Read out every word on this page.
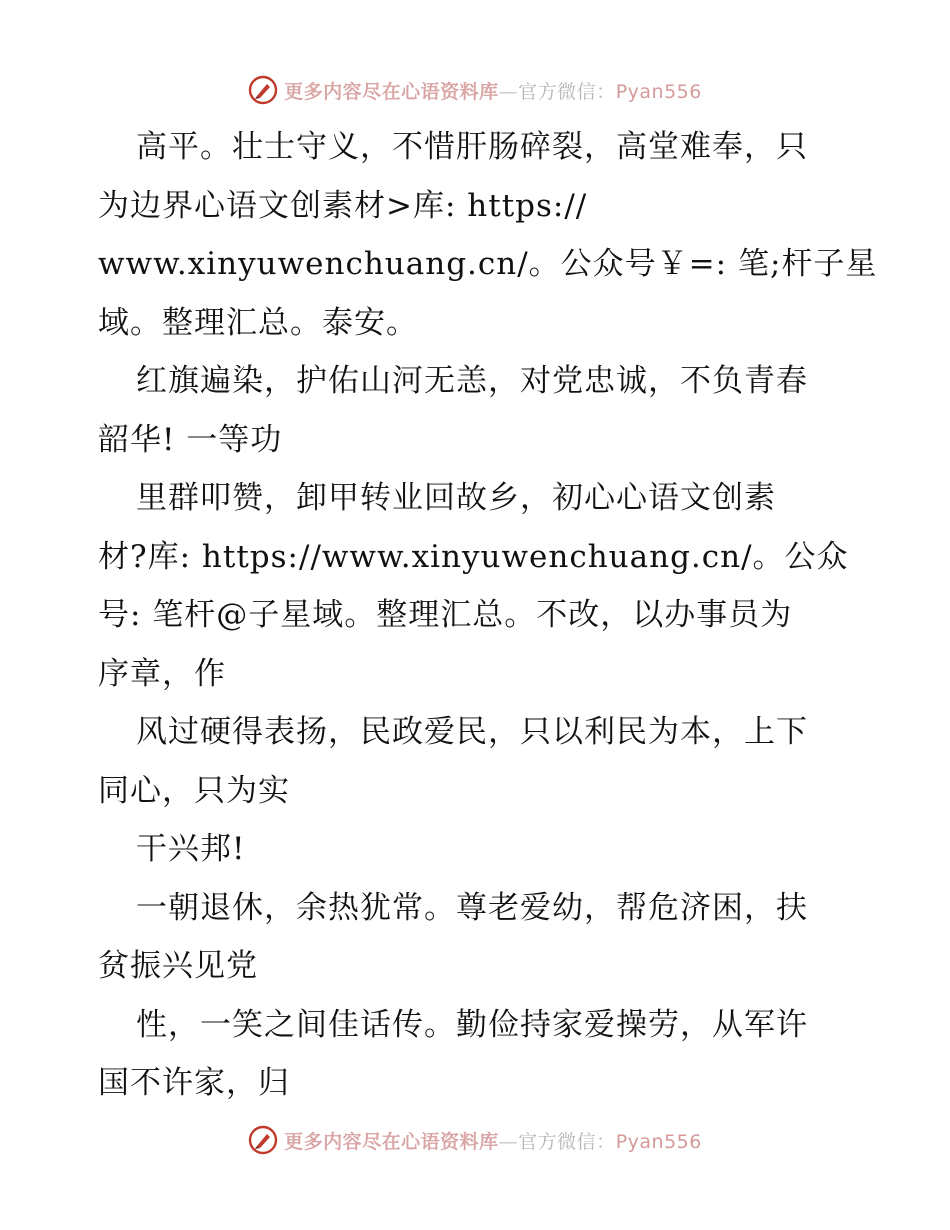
更多内容尽在心语资料库—官方微信：Pyan556
高平。壮士守义，不惜肝肠碎裂，高堂难奉，只
为边界心语文创素材>库: https://
www.xinyuwenchuang.cn/。公众号￥=: 笔;杆子星
域。整理汇总。泰安。
红旗遍染，护佑山河无恙，对党忠诚，不负青春
韶华! 一等功
里群叩赞，卸甲转业回故乡，初心心语文创素
材?库: https://www.xinyuwenchuang.cn/。公众
号: 笔杆@子星域。整理汇总。不改，以办事员为
序章，作
风过硬得表扬，民政爱民，只以利民为本，上下
同心，只为实
干兴邦!
一朝退休，余热犹常。尊老爱幼，帮危济困，扶
贫振兴见党
性，一笑之间佳话传。勤俭持家爱操劳，从军许
国不许家，归
更多内容尽在心语资料库—官方微信：Pyan556
